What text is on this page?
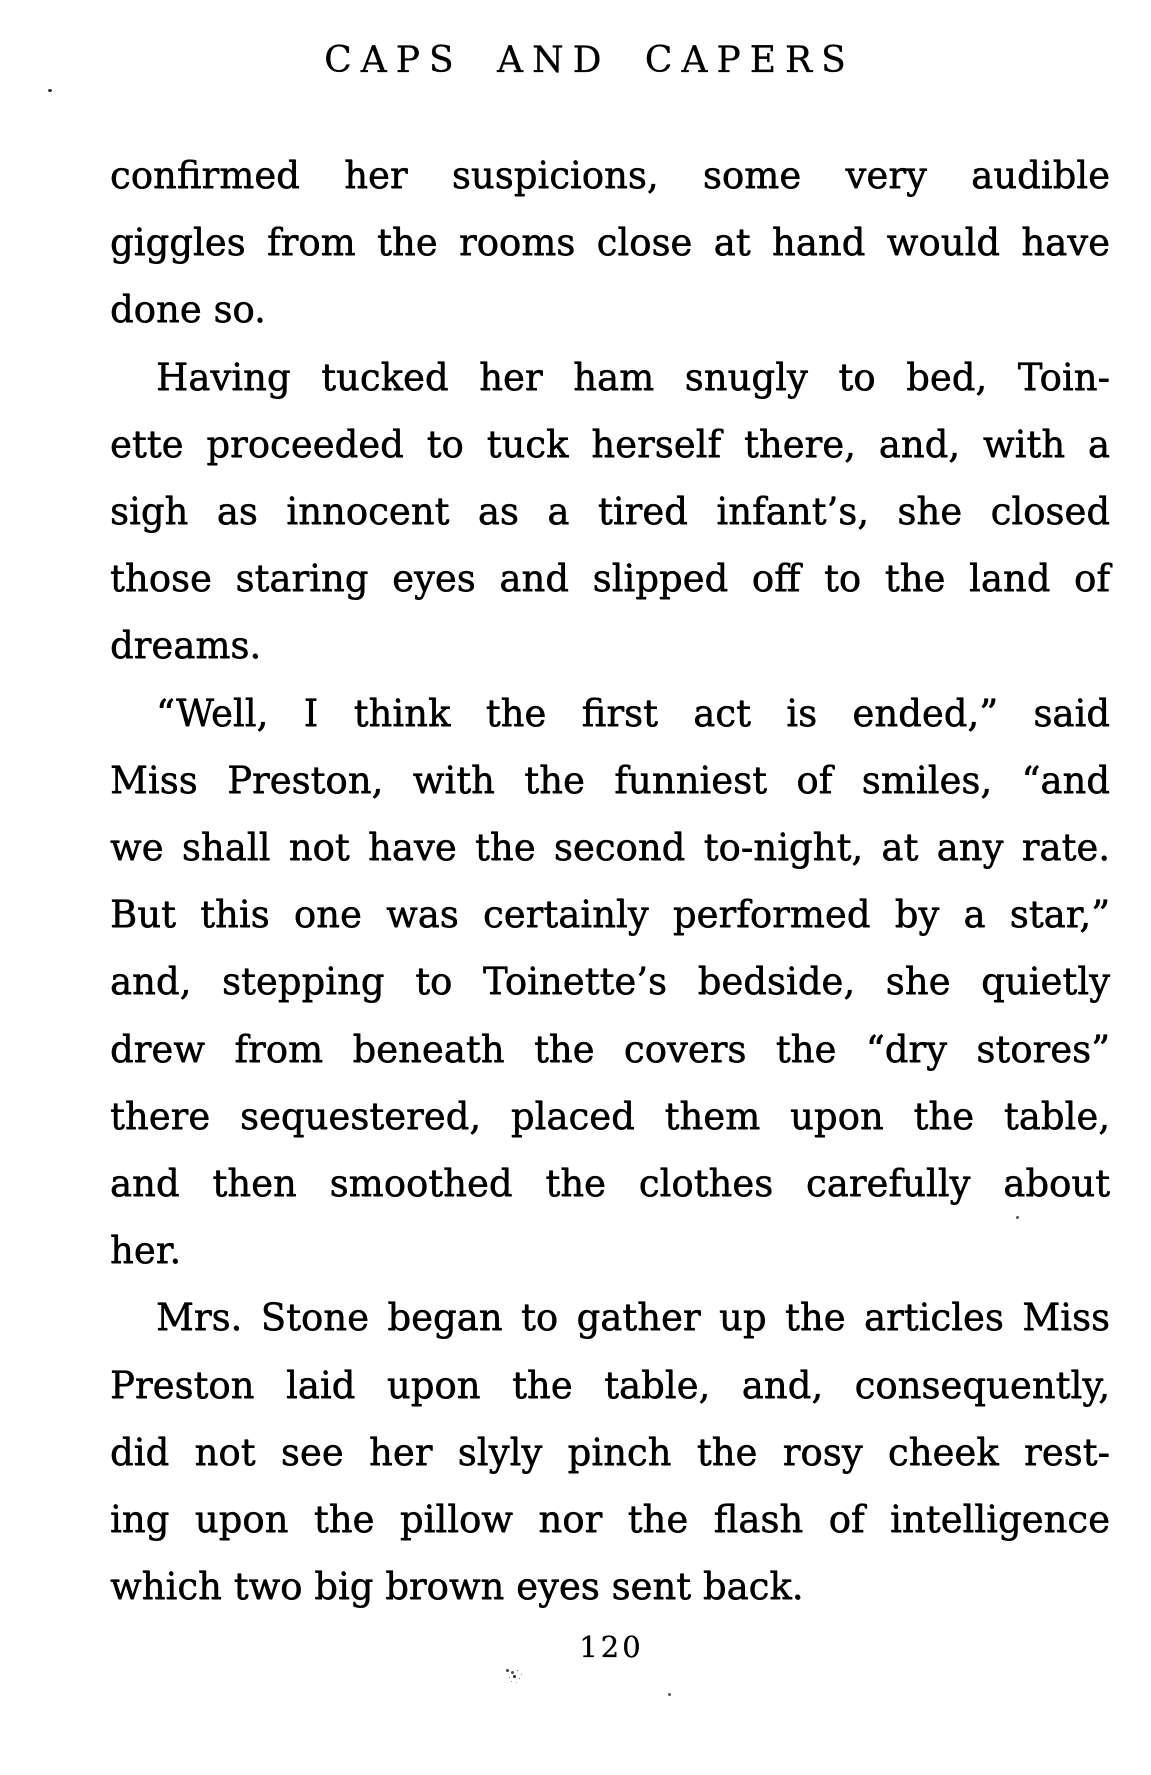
CAPS AND CAPERS

confirmed her suspicions, some very audible
giggles from the rooms close at hand would have
done so.

Having tucked her ham snugly to bed, Toin-
ette proceeded to tuck herself there, and, with a
sigh as innocent as a tired infant’s, she closed
those staring eyes and slipped off to the land of
dreams.

“Well, I think the first act is ended,” said
Miss Preston, with the funniest of smiles, “and
we shall not have the second to-night, at any rate.
But this one was certainly performed by a star,”
and, stepping to Toinette’s bedside, she quietly
drew from beneath the covers the “dry stores”
there sequestered, placed them upon the table,
and then smoothed the clothes carefully about
her.

Mrs. Stone began to gather up the articles Miss
Preston laid upon the table, and, consequently,
did not see her slyly pinch the rosy cheek rest-
ing upon the pillow nor the flash of intelligence
which two big brown eyes sent back.

120
